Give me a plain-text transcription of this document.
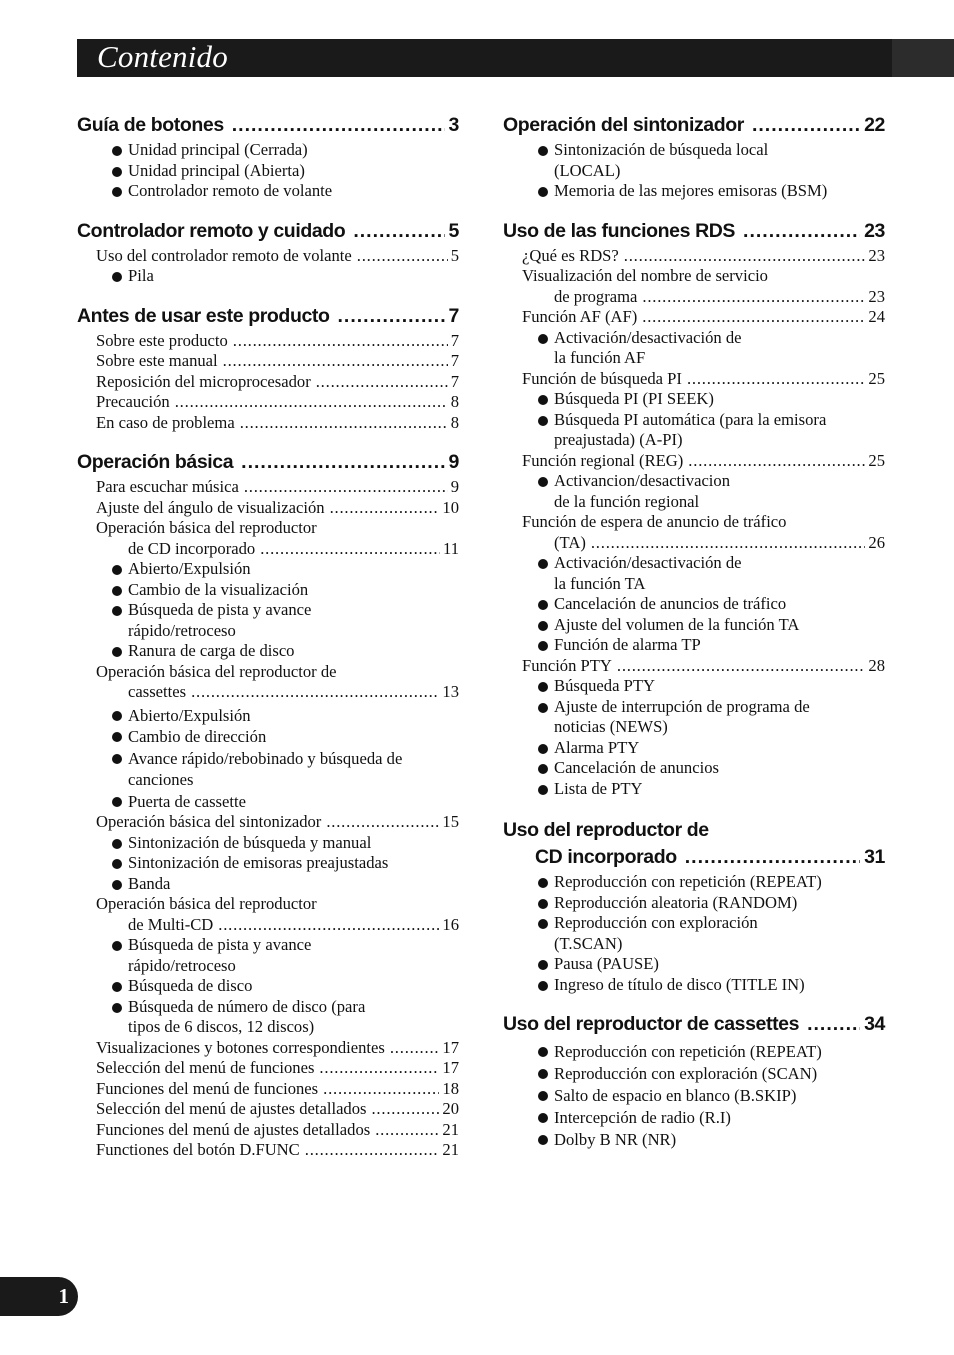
Contenido
Guía de botones .....	3
Unidad principal (Cerrada)
Unidad principal (Abierta)
Controlador remoto de volante
Controlador remoto y cuidado .....	5
Uso del controlador remoto de volante .....	5
Pila
Antes de usar este producto .....	7
Sobre este producto .....	7
Sobre este manual .....	7
Reposición del microprocesador .....	7
Precaución .....	8
En caso de problema .....	8
Operación básica .....	9
Para escuchar música .....	9
Ajuste del ángulo de visualización .....	10
Operación básica del reproductor
de CD incorporado .....	11
Abierto/Expulsión
Cambio de la visualización
Búsqueda de pista y avance rápido/retroceso
Ranura de carga de disco
Operación básica del reproductor de
cassettes .....	13
Abierto/Expulsión
Cambio de dirección
Avance rápido/rebobinado y búsqueda de canciones
Puerta de cassette
Operación básica del sintonizador .....	15
Sintonización de búsqueda y manual
Sintonización de emisoras preajustadas
Banda
Operación básica del reproductor
de Multi-CD .....	16
Búsqueda de pista y avance rápido/retroceso
Búsqueda de disco
Búsqueda de número de disco (para tipos de 6 discos, 12 discos)
Visualizaciones y botones correspondientes .....	17
Selección del menú de funciones .....	17
Funciones del menú de funciones .....	18
Selección del menú de ajustes detallados .....	20
Funciones del menú de ajustes detallados .....	21
Functiones del botón D.FUNC .....	21
Operación del sintonizador .....	22
Sintonización de búsqueda local (LOCAL)
Memoria de las mejores emisoras (BSM)
Uso de las funciones RDS .....	23
¿Qué es RDS? .....	23
Visualización del nombre de servicio
de programa .....	23
Función AF (AF) .....	24
Activación/desactivación de la función AF
Función de búsqueda PI .....	25
Búsqueda PI (PI SEEK)
Búsqueda PI automática (para la emisora preajustada) (A-PI)
Función regional (REG) .....	25
Activancion/desactivacion de la función regional
Función de espera de anuncio de tráfico
(TA) .....	26
Activación/desactivación de la función TA
Cancelación de anuncios de tráfico
Ajuste del volumen de la función TA
Función de alarma TP
Función PTY .....	28
Búsqueda PTY
Ajuste de interrupción de programa de noticias (NEWS)
Alarma PTY
Cancelación de anuncios
Lista de PTY
Uso del reproductor de
CD incorporado .....	31
Reproducción con repetición (REPEAT)
Reproducción aleatoria (RANDOM)
Reproducción con exploración (T.SCAN)
Pausa (PAUSE)
Ingreso de título de disco (TITLE IN)
Uso del reproductor de cassettes .....	34
Reproducción con repetición (REPEAT)
Reproducción con exploración (SCAN)
Salto de espacio en blanco (B.SKIP)
Intercepción de radio (R.I)
Dolby B NR (NR)
1
